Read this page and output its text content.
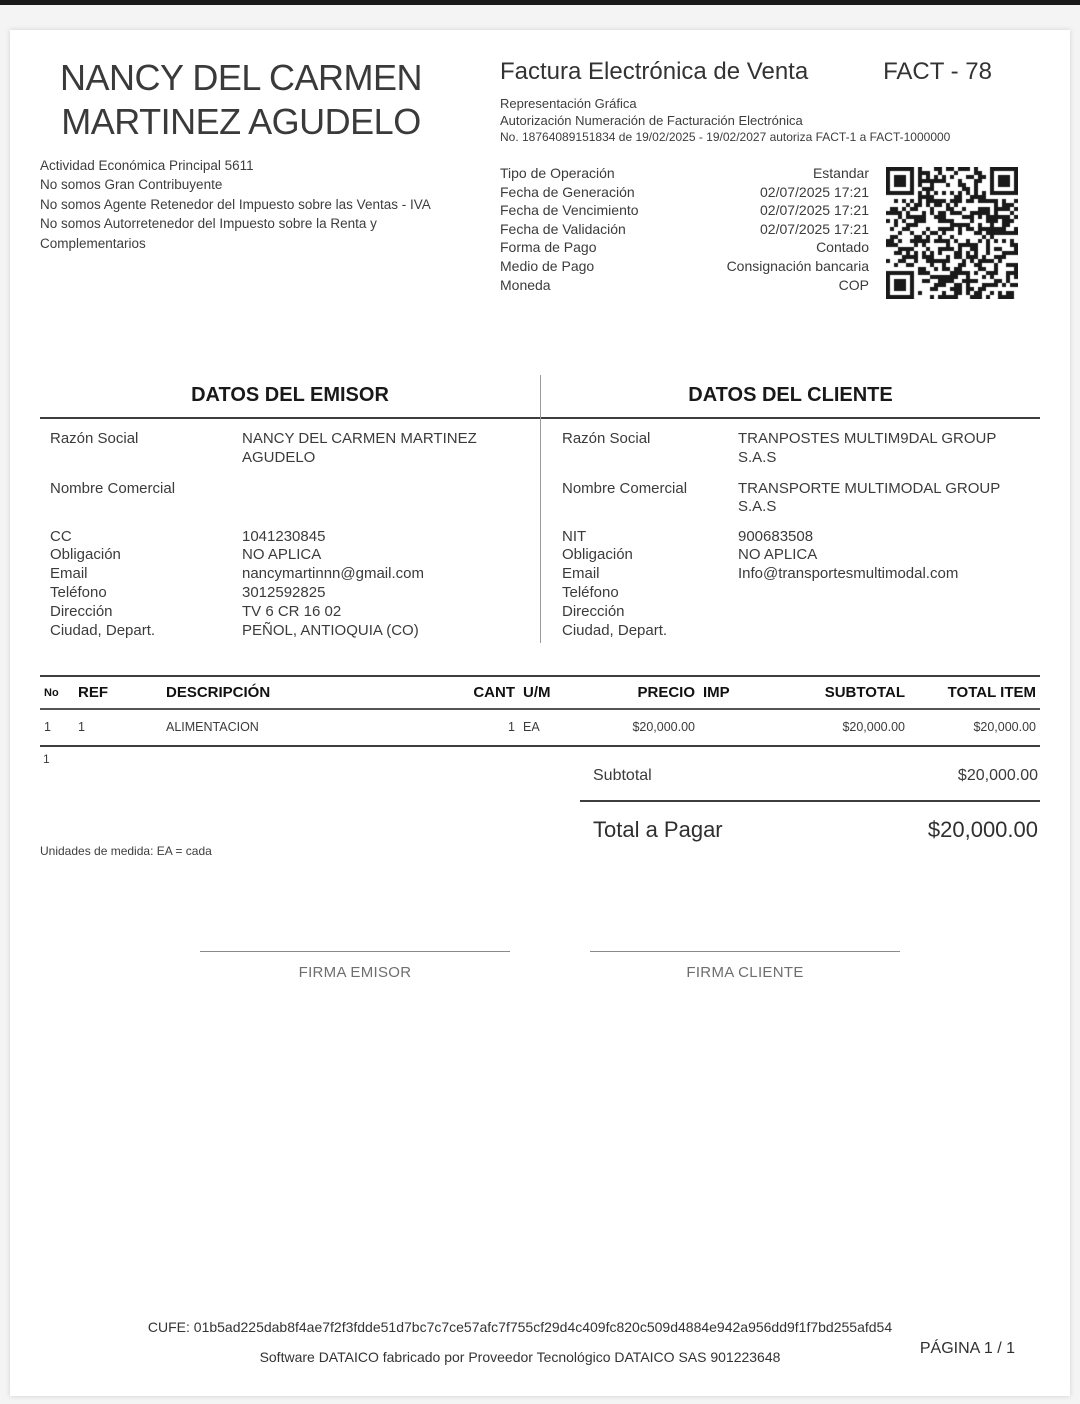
NANCY DEL CARMEN MARTINEZ AGUDELO
Actividad Económica Principal 5611
No somos Gran Contribuyente
No somos Agente Retenedor del Impuesto sobre las Ventas - IVA
No somos Autorretenedor del Impuesto sobre la Renta y Complementarios
Factura Electrónica de Venta	FACT - 78
Representación Gráfica
Autorización Numeración de Facturación Electrónica
No. 18764089151834 de 19/02/2025 - 19/02/2027 autoriza FACT-1 a FACT-1000000
Tipo de Operación	Estandar
Fecha de Generación	02/07/2025 17:21
Fecha de Vencimiento	02/07/2025 17:21
Fecha de Validación	02/07/2025 17:21
Forma de Pago	Contado
Medio de Pago	Consignación bancaria
Moneda	COP
DATOS DEL EMISOR
Razón Social	NANCY DEL CARMEN MARTINEZ AGUDELO
Nombre Comercial
CC	1041230845
Obligación	NO APLICA
Email	nancymartinnn@gmail.com
Teléfono	3012592825
Dirección	TV 6 CR 16 02
Ciudad, Depart.	PEÑOL, ANTIOQUIA (CO)
DATOS DEL CLIENTE
Razón Social	TRANPOSTES MULTIM9DAL GROUP S.A.S
Nombre Comercial	TRANSPORTE MULTIMODAL GROUP S.A.S
NIT	900683508
Obligación	NO APLICA
Email	Info@transportesmultimodal.com
Teléfono
Dirección
Ciudad, Depart.
No	REF	DESCRIPCIÓN	CANT	U/M	PRECIO	IMP	SUBTOTAL	TOTAL ITEM
1	1	ALIMENTACION	1	EA	$20,000.00		$20,000.00	$20,000.00
1
Subtotal	$20,000.00
Total a Pagar	$20,000.00
Unidades de medida: EA = cada
FIRMA EMISOR	FIRMA CLIENTE
CUFE: 01b5ad225dab8f4ae7f2f3fdde51d7bc7c7ce57afc7f755cf29d4c409fc820c509d4884e942a956dd9f1f7bd255afd54
Software DATAICO fabricado por Proveedor Tecnológico DATAICO SAS 901223648	PÁGINA 1 / 1
